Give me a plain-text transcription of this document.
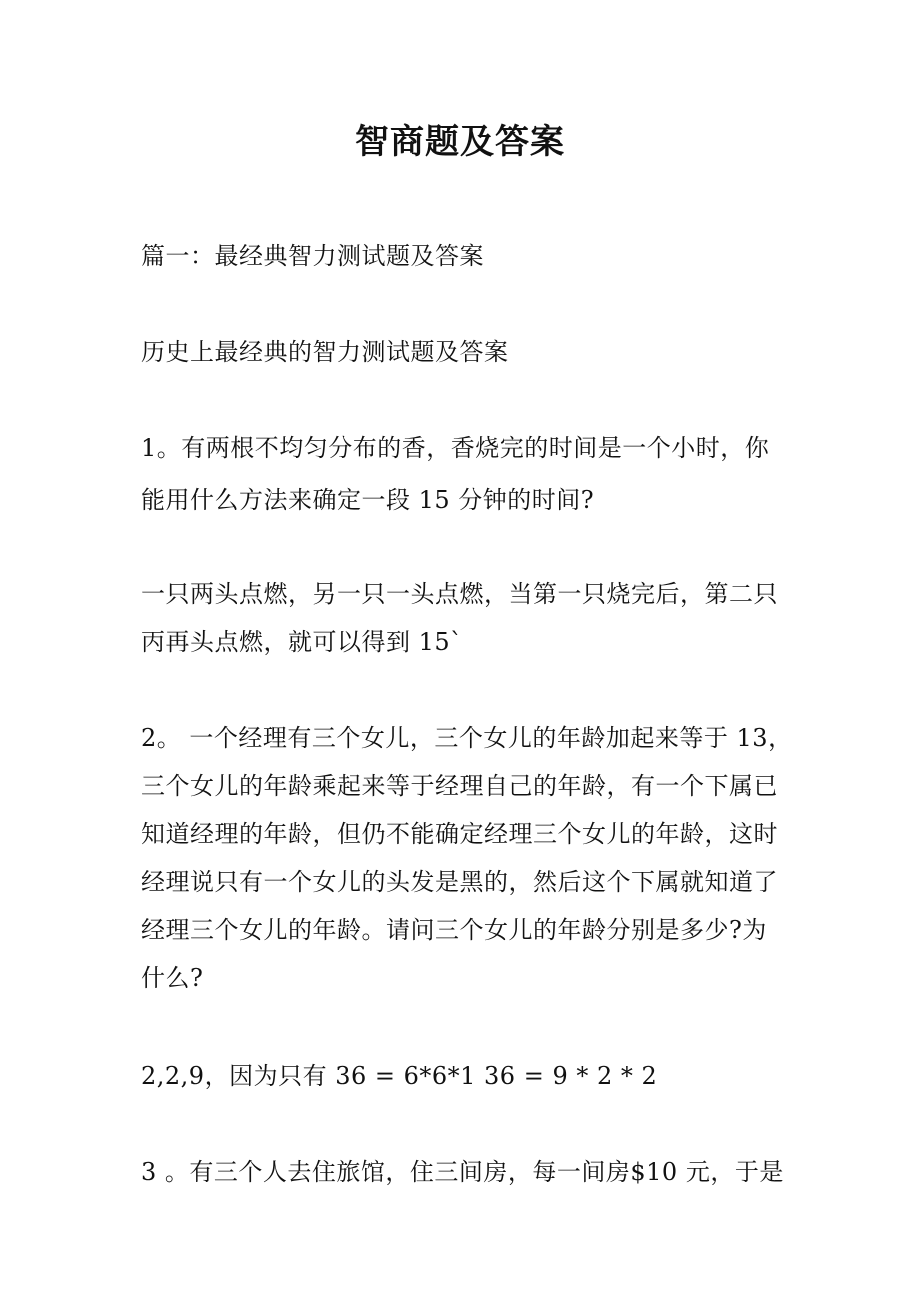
智商题及答案
篇一：最经典智力测试题及答案
历史上最经典的智力测试题及答案
1。有两根不均匀分布的香，香烧完的时间是一个小时，你
能用什么方法来确定一段 15 分钟的时间?
一只两头点燃，另一只一头点燃，当第一只烧完后，第二只
丙再头点燃，就可以得到 15`
2。 一个经理有三个女儿，三个女儿的年龄加起来等于 13，
三个女儿的年龄乘起来等于经理自己的年龄，有一个下属已
知道经理的年龄，但仍不能确定经理三个女儿的年龄，这时
经理说只有一个女儿的头发是黑的，然后这个下属就知道了
经理三个女儿的年龄。请问三个女儿的年龄分别是多少?为
什么?
2,2,9，因为只有 36 = 6*6*1 36 = 9 * 2 * 2
3 。有三个人去住旅馆，住三间房，每一间房$10 元，于是
